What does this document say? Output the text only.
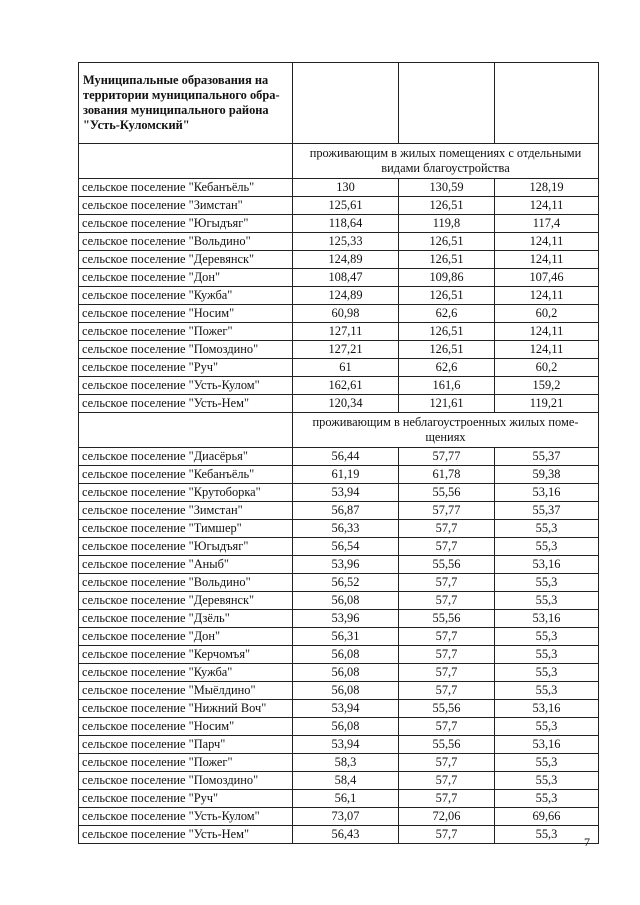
Муниципальные образования на территории муниципального обра-зования муниципального района "Усть-Куломский"			
	проживающим в жилых помещениях с отдельными видами благоустройства		
сельское поселение "Кебанъёль"	130	130,59	128,19
сельское поселение "Зимстан"	125,61	126,51	124,11
сельское поселение "Югыдъяг"	118,64	119,8	117,4
сельское поселение "Вольдино"	125,33	126,51	124,11
сельское поселение "Деревянск"	124,89	126,51	124,11
сельское поселение "Дон"	108,47	109,86	107,46
сельское поселение "Кужба"	124,89	126,51	124,11
сельское поселение "Носим"	60,98	62,6	60,2
сельское поселение "Пожег"	127,11	126,51	124,11
сельское поселение "Помоздино"	127,21	126,51	124,11
сельское поселение "Руч"	61	62,6	60,2
сельское поселение "Усть-Кулом"	162,61	161,6	159,2
сельское поселение "Усть-Нем"	120,34	121,61	119,21
	проживающим в неблагоустроенных жилых поме-щениях		
сельское поселение "Диасёрья"	56,44	57,77	55,37
сельское поселение "Кебанъёль"	61,19	61,78	59,38
сельское поселение "Крутоборка"	53,94	55,56	53,16
сельское поселение "Зимстан"	56,87	57,77	55,37
сельское поселение "Тимшер"	56,33	57,7	55,3
сельское поселение "Югыдъяг"	56,54	57,7	55,3
сельское поселение "Аныб"	53,96	55,56	53,16
сельское поселение "Вольдино"	56,52	57,7	55,3
сельское поселение "Деревянск"	56,08	57,7	55,3
сельское поселение "Дзёль"	53,96	55,56	53,16
сельское поселение "Дон"	56,31	57,7	55,3
сельское поселение "Керчомъя"	56,08	57,7	55,3
сельское поселение "Кужба"	56,08	57,7	55,3
сельское поселение "Мыёлдино"	56,08	57,7	55,3
сельское поселение "Нижний Воч"	53,94	55,56	53,16
сельское поселение "Носим"	56,08	57,7	55,3
сельское поселение "Парч"	53,94	55,56	53,16
сельское поселение "Пожег"	58,3	57,7	55,3
сельское поселение "Помоздино"	58,4	57,7	55,3
сельское поселение "Руч"	56,1	57,7	55,3
сельское поселение "Усть-Кулом"	73,07	72,06	69,66
сельское поселение "Усть-Нем"	56,43	57,7	55,3
7
